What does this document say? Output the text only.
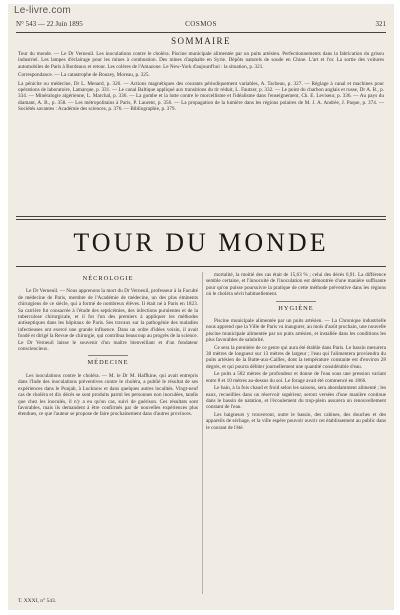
Le-livre.com
N° 543 — 22 Juin 1895	COSMOS	321
SOMMAIRE

Tour du monde. — Le Dr Verneuil. Les inoculations contre le choléra. Piscine municipale alimentée par un puits artésien. Perfectionnements dans la fabrication du grisou industriel. Les lampes d'éclairage pour les mines à combustion. Des mines d'asphalte en Syrie. Dépôts naturels de soude en Chine. L'art et l'or. La sortie des voitures automobiles de Paris à Bordeaux et retour. Les colères de l'Amazone. Le New-York d'aujourd'hui : la situation, p. 321.

Correspondance. — La catastrophe de Bouzey, Moreau, p. 325.

La pénicite ou médecine, Dr L. Menard, p. 326. — Actions magnétiques des courants périodiquement variables, A. Tacheau, p. 327. — Réglage à canal et machines pour opérations de laboratoire, Lamarque, p. 331. — Le canal Baltique appliqué aux transitions du tir réduit, L. Fautzer, p. 332. — Le point du charbon anglais et russe, Dr A. B., p. 334. — Minéralogie algérienne, L. Marchal, p. 336. — La gombe et la lutte contre le morcellisme et l'idéalisme dans l'enseignement, Ch. E. Leviseur, p. 336. — Au pays du diamant, A. B., p. 358. — Les métropolitains à Paris, P. Laurent, p. 356. — La propagation de la lumière dans les régions polaires de M. J. A. Andrée, J. Paque, p. 374. — Sociétés savantes : Académie des sciences, p. 376. — Bibliographie, p. 379.

TOUR DU MONDE
NÉCROLOGIE

Le Dr Verneuil. — Nous apprenons la mort du Dr Verneuil, professeur à la Faculté de médecine de Paris, membre de l'Académie de médecine, un des plus éminents chirurgiens de ce siècle, qui a formé de nombreux élèves. Il était né à Paris en 1823. Sa carrière fut consacrée à l'étude des septicémies, des infections purulentes et de la tuberculose chirurgicale, et il fut l'un des premiers à appliquer les méthodes antiseptiques dans les hôpitaux de Paris. Ses travaux sur la pathogénie des maladies infectieuses ont exercé une grande influence. Dans un ordre d'idées voisin, il avait fondé et dirigé la Revue de chirurgie, qui contribua beaucoup au progrès de la science. Le Dr Verneuil laisse le souvenir d'un maître bienveillant et d'un fondateur consciencieux.

MÉDECINE

Les inoculations contre le choléra. — M. le Dr M. Haffkine, qui avait entrepris dans l'Inde des inoculations préventives contre le choléra, a publié le résultat de ses expériences dans le Punjab, à Lucknow et dans quelques autres localités. Vingt-neuf cas de choléra et dix décès se sont produits parmi les personnes non inoculées, tandis que chez les inoculés, il n'y a eu qu'un cas, suivi de guérison. Ces résultats sont favorables, mais ils demandent à être confirmés par de nouvelles expériences plus étendues, ce que l'auteur se propose de faire prochainement dans d'autres provinces.

mortalité, la moitié des cas était de 15,63 % ; celui des décès 6,91. La différence semble certaine, et l'innocuité de l'inoculation est démontrée d'une manière suffisante pour qu'on puisse poursuivre la pratique de cette méthode préventive dans les régions où le choléra sévit habituellement.

HYGIÈNE

Piscine municipale alimentée par un puits artésien. — La Chronique industrielle nous apprend que la Ville de Paris va inaugurer, au mois d'août prochain, une nouvelle piscine municipale alimentée par un puits artésien, et installée dans les conditions les plus favorables de salubrité.

Ce sera la première de ce genre qui aura été établie dans Paris. Le bassin mesurera 30 mètres de longueur sur 13 mètres de largeur ; l'eau qui l'alimentera proviendra du puits artésien de la Butte-aux-Cailles, dont la température constante est d'environ 28 degrés, et qui pourra débiter journellement une quantité considérable d'eau.

Le puits a 582 mètres de profondeur et donne de l'eau sous une pression variant entre 8 et 10 mètres au-dessus du sol. Le forage avait été commencé en 1866.

Le bain, à la fois chaud et froid selon les saisons, sera abondamment alimenté ; les eaux, recueillies dans un réservoir supérieur, seront versées d'une manière continue dans le bassin de natation, et l'écoulement du trop-plein assurera un renouvellement constant de l'eau.

Les baigneurs y trouveront, outre le bassin, des cabines, des douches et des appareils de séchage, et la ville espère pouvoir ouvrir cet établissement au public dans le courant de l'été.

T. XXXI, n° 543.
